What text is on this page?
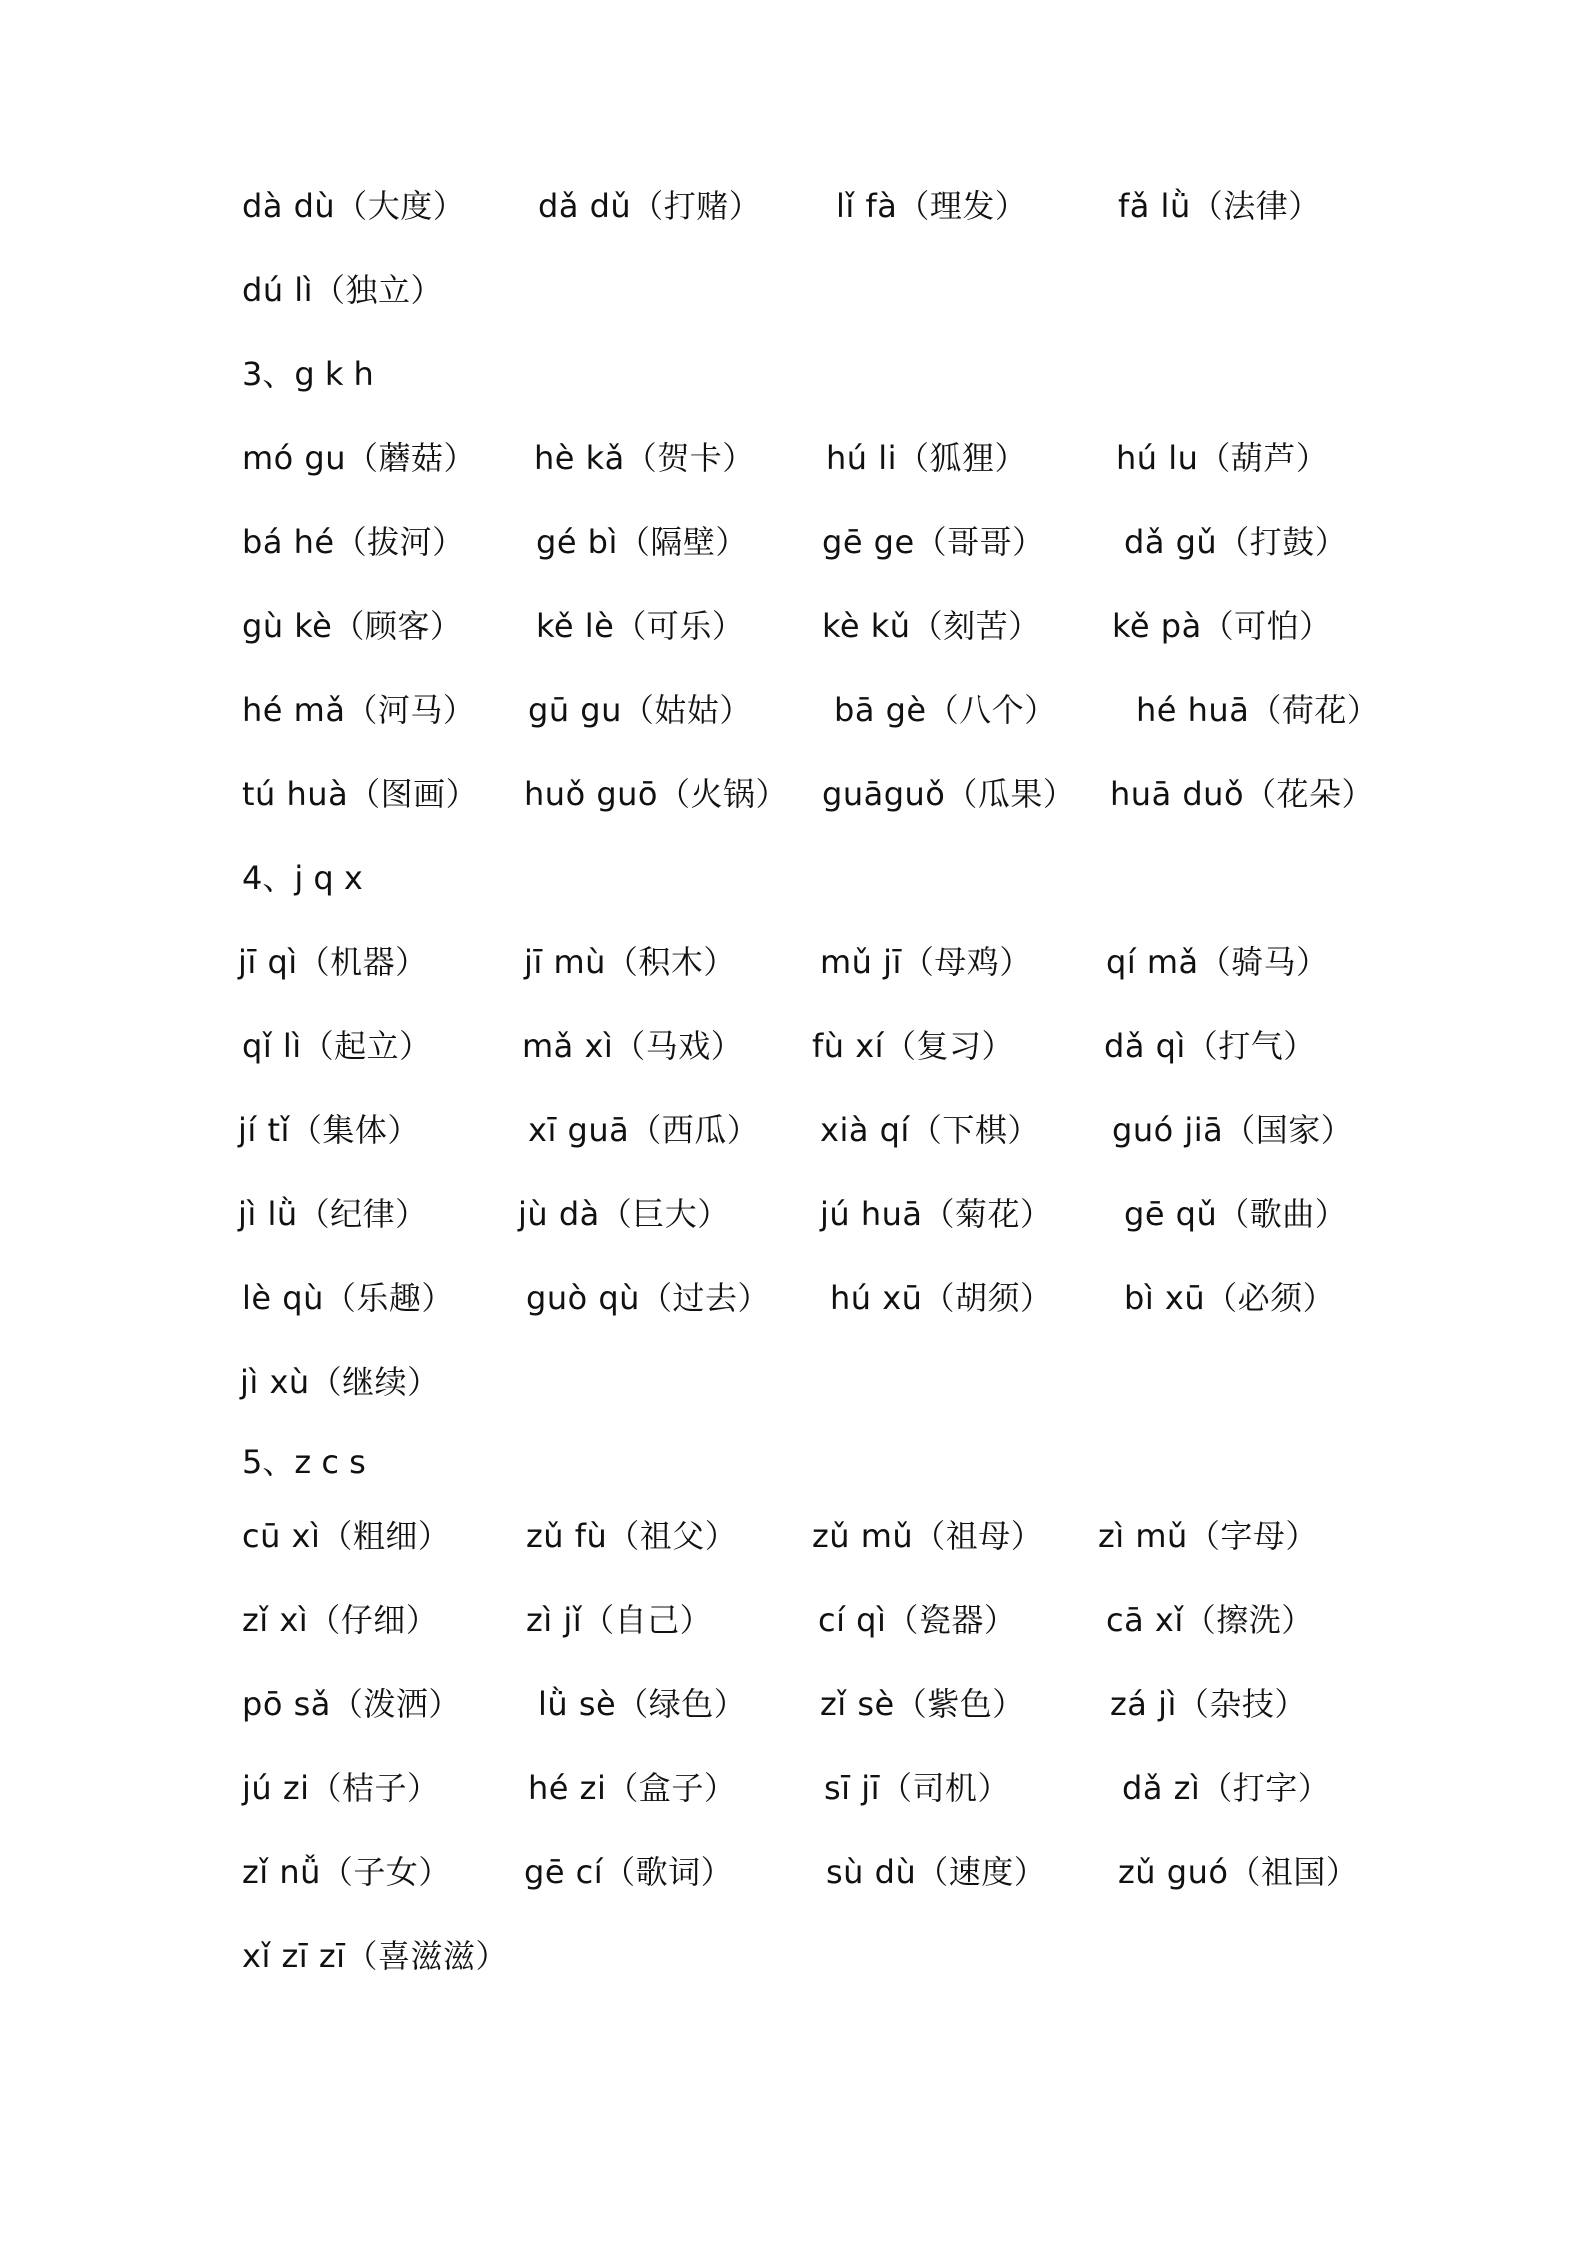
dà dù（大度） dǎ dǔ（打赌） lǐ fà（理发）	fǎ lǜ（法律）
dú lì（独立）
3、g k h
mó gu（蘑菇） hè kǎ（贺卡） hú li（狐狸）	hú lu（葫芦）
bá hé（拔河） gé bì（隔壁） gē ge（哥哥） dǎ gǔ（打鼓）
gù kè（顾客） kě lè（可乐） kè kǔ（刻苦） kě pà（可怕）
hé mǎ（河马） gū gu（姑姑）	bā gè（八个） hé huā（荷花）
tú huà（图画） huǒ guō（火锅） guāguǒ（瓜果） huā duǒ（花朵）
4、j q x
jī qì（机器）	jī mù（积木）	mǔ jī（母鸡） qí mǎ（骑马）
qǐ lì（起立）	mǎ xì（马戏） fù xí（复习）	dǎ qì（打气）
jí tǐ（集体）	xī guā（西瓜） xià qí（下棋） guó jiā（国家）
jì lǜ（纪律）	jù dà（巨大）	jú huā（菊花） gē qǔ（歌曲）
lè qù（乐趣） guò qù（过去） hú xū（胡须） bì xū（必须）
jì xù（继续）
5、z c s
cū xì（粗细） zǔ fù（祖父） zǔ mǔ（祖母） zì mǔ（字母）
zǐ xì（仔细）	zì jǐ（自己）	cí qì（瓷器）	cā xǐ（擦洗）
pō sǎ（泼洒） lǜ sè（绿色） zǐ sè（紫色）	zá jì（杂技）
jú zi（桔子）	hé zi（盒子）	sī jī（司机）	dǎ zì（打字）
zǐ nǚ（子女） gē cí（歌词）	sù dù（速度） zǔ guó（祖国）
xǐ zī zī（喜滋滋）
